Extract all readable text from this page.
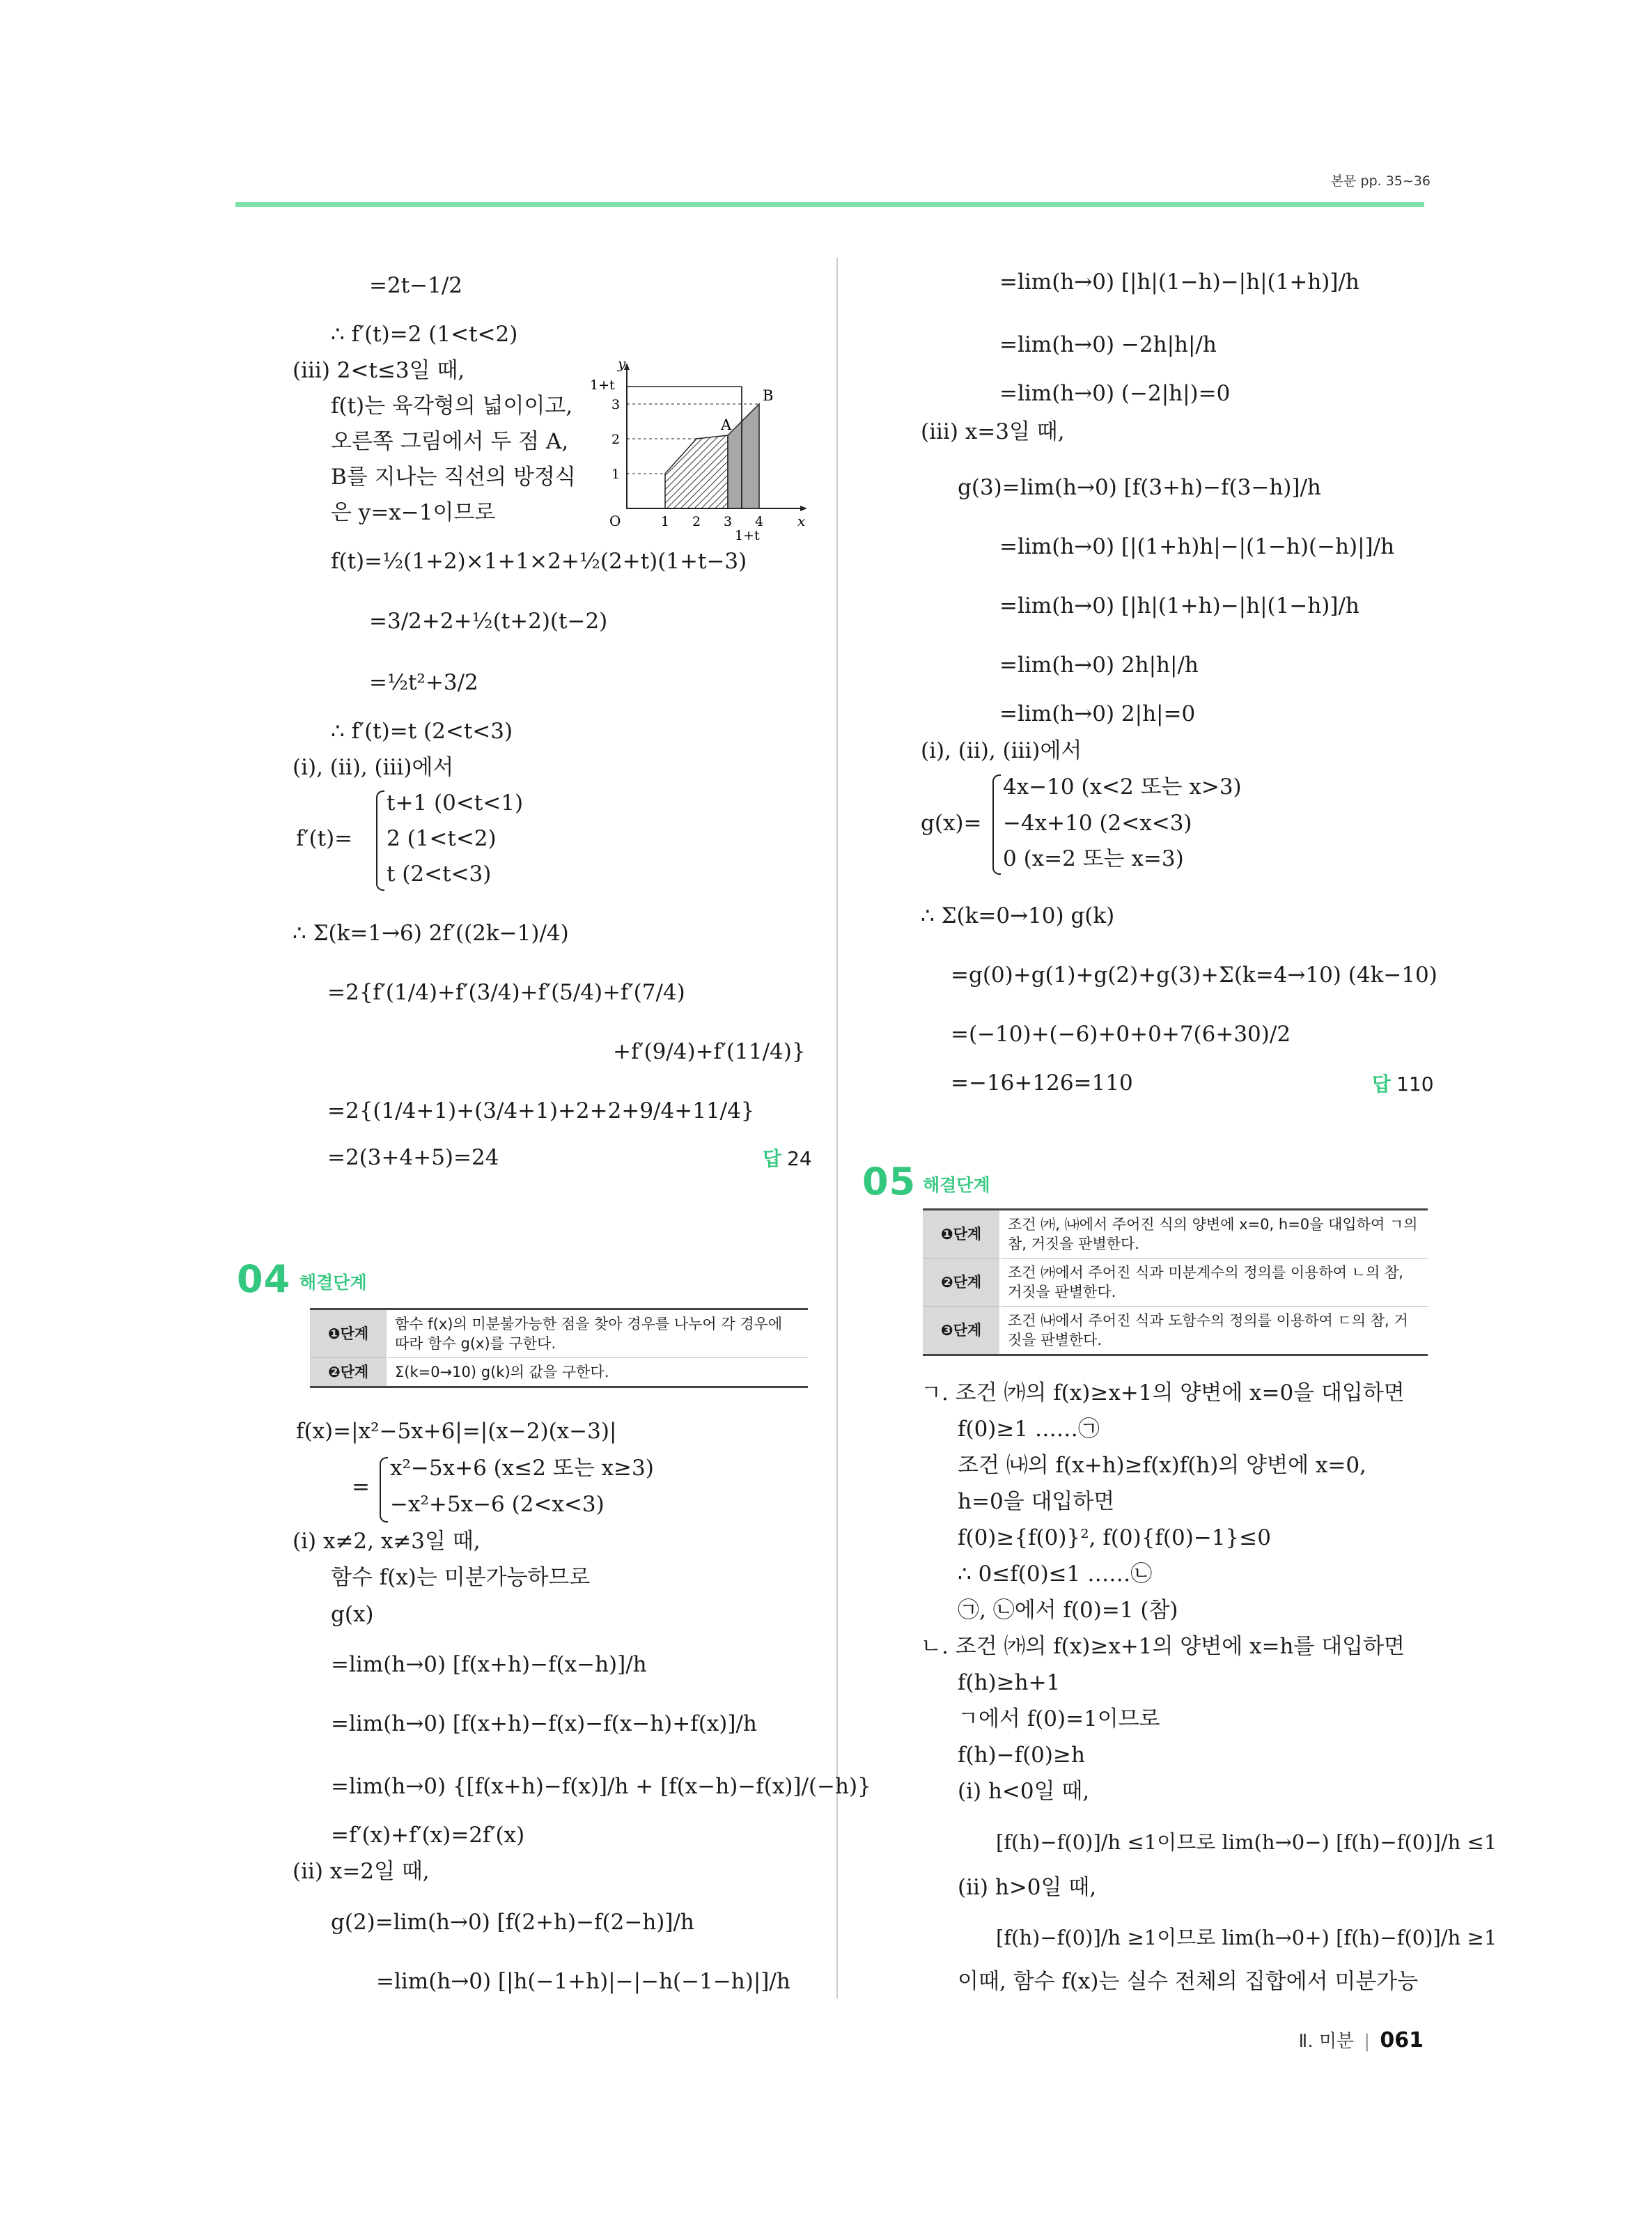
본문 pp. 35~36
=2t−1/2
∴ f′(t)=2 (1<t<2)
(iii) 2<t≤3일 때,
f(t)는 육각형의 넓이이고,
오른쪽 그림에서 두 점 A,
B를 지나는 직선의 방정식
은 y=x−1이므로
f(t)=½(1+2)×1+1×2+½(2+t)(1+t−3)
=3/2+2+½(t+2)(t−2)
=½t²+3/2
∴ f′(t)=t (2<t<3)
(i), (ii), (iii)에서
t+1 (0<t<1)
f′(t)= 2 (1<t<2)
t (2<t<3)
∴ Σ(k=1→6) 2f′((2k−1)/4)
=2{f′(1/4)+f′(3/4)+f′(5/4)+f′(7/4)
+f′(9/4)+f′(11/4)}
=2{(1/4+1)+(3/4+1)+2+2+9/4+11/4}
=2(3+4+5)=24	답 24
y
1+t
3
2
1
O	1 2 3 4
1+t
x
A
B
04 해결단계
❶단계	함수 f(x)의 미분불가능한 점을 찾아 경우를 나누어 각 경우에 따라 함수 g(x)를 구한다.
❷단계	Σ(k=0→10) g(k)의 값을 구한다.
f(x)=|x²−5x+6|=|(x−2)(x−3)|
x²−5x+6 (x≤2 또는 x≥3)
=
−x²+5x−6 (2<x<3)
(i) x≠2, x≠3일 때,
함수 f(x)는 미분가능하므로
g(x)
=lim(h→0) [f(x+h)−f(x−h)]/h
=lim(h→0) [f(x+h)−f(x)−f(x−h)+f(x)]/h
=lim(h→0) {[f(x+h)−f(x)]/h + [f(x−h)−f(x)]/(−h)}
=f′(x)+f′(x)=2f′(x)
(ii) x=2일 때,
g(2)=lim(h→0) [f(2+h)−f(2−h)]/h
=lim(h→0) [|h(−1+h)|−|−h(−1−h)|]/h
=lim(h→0) [|h|(1−h)−|h|(1+h)]/h
=lim(h→0) −2h|h|/h
=lim(h→0) (−2|h|)=0
(iii) x=3일 때,
g(3)=lim(h→0) [f(3+h)−f(3−h)]/h
=lim(h→0) [|(1+h)h|−|(1−h)(−h)|]/h
=lim(h→0) [|h|(1+h)−|h|(1−h)]/h
=lim(h→0) 2h|h|/h
=lim(h→0) 2|h|=0
(i), (ii), (iii)에서
4x−10 (x<2 또는 x>3)
g(x)= −4x+10 (2<x<3)
0 (x=2 또는 x=3)
∴ Σ(k=0→10) g(k)
=g(0)+g(1)+g(2)+g(3)+Σ(k=4→10) (4k−10)
=(−10)+(−6)+0+0+7(6+30)/2
=−16+126=110	답 110
05 해결단계
❶단계	조건 ㈎, ㈏에서 주어진 식의 양변에 x=0, h=0을 대입하여 ㄱ의 참, 거짓을 판별한다.
❷단계	조건 ㈎에서 주어진 식과 미분계수의 정의를 이용하여 ㄴ의 참, 거짓을 판별한다.
❸단계	조건 ㈏에서 주어진 식과 도함수의 정의를 이용하여 ㄷ의 참, 거짓을 판별한다.
ㄱ. 조건 ㈎의 f(x)≥x+1의 양변에 x=0을 대입하면
f(0)≥1 ……㉠
조건 ㈏의 f(x+h)≥f(x)f(h)의 양변에 x=0,
h=0을 대입하면
f(0)≥{f(0)}², f(0){f(0)−1}≤0
∴ 0≤f(0)≤1 ……㉡
㉠, ㉡에서 f(0)=1 (참)
ㄴ. 조건 ㈎의 f(x)≥x+1의 양변에 x=h를 대입하면
f(h)≥h+1
ㄱ에서 f(0)=1이므로
f(h)−f(0)≥h
(i) h<0일 때,
[f(h)−f(0)]/h ≤1이므로 lim(h→0−) [f(h)−f(0)]/h ≤1
(ii) h>0일 때,
[f(h)−f(0)]/h ≥1이므로 lim(h→0+) [f(h)−f(0)]/h ≥1
이때, 함수 f(x)는 실수 전체의 집합에서 미분가능
Ⅱ. 미분 | 061
